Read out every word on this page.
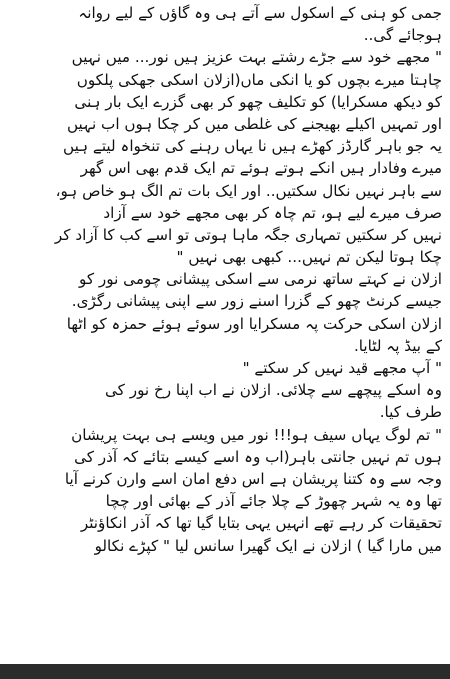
جمی کو ہنی کے اسکول سے آتے ہی وہ گاؤں کے لیے روانہ
ہوجائے گی..
" مجھے خود سے جڑے رشتے بہت عزیز ہیں نور... میں نہیں
چاہتا میرے بچوں کو یا انکی ماں(ازلان اسکی جھکی پلکوں
کو دیکھ مسکرایا) کو تکلیف چھو کر بھی گزرے ایک بار ہنی
اور تمہیں اکیلے بھیجنے کی غلطی میں کر چکا ہوں اب نہیں
یہ جو باہر گارڈز کھڑے ہیں نا یہاں رہنے کی تنخواہ لیتے ہیں
میرے وفادار ہیں انکے ہوتے ہوئے تم ایک قدم بھی اس گھر
سے باہر نہیں نکال سکتیں.. اور ایک بات تم الگ ہو خاص ہو،
صرف میرے لیے ہو، تم چاہ کر بھی مجھے خود سے آزاد
نہیں کر سکتیں تمہاری جگہ ماہا ہوتی تو اسے کب کا آزاد کر
چکا ہوتا لیکن تم نہیں... کبھی بھی نہیں "
ازلان نے کہتے ساتھ نرمی سے اسکی پیشانی چومی نور کو
جیسے کرنٹ چھو کے گزرا اسنے زور سے اپنی پیشانی رگڑی.
ازلان اسکی حرکت پہ مسکرایا اور سوئے ہوئے حمزہ کو اٹھا
کے بیڈ پہ لٹایا.
" آپ مجھے قید نہیں کر سکتے "
وہ اسکے پیچھے سے چلائی. ازلان نے اب اپنا رخ نور کی
طرف کیا.
" تم لوگ یہاں سیف ہو!!! نور میں ویسے ہی بہت پریشان
ہوں تم نہیں جانتی باہر(اب وہ اسے کیسے بتائے کہ آذر کی
وجہ سے وہ کتنا پریشان ہے اس دفع امان اسے وارن کرنے آیا
تھا وہ یہ شہر چھوڑ کے چلا جائے آذر کے بھائی اور چچا
تحقیقات کر رہے تھے انہیں یہی بتایا گیا تھا کہ آذر انکاؤنٹر
میں مارا گیا ) ازلان نے ایک گھیرا سانس لیا " کپڑے نکالو
